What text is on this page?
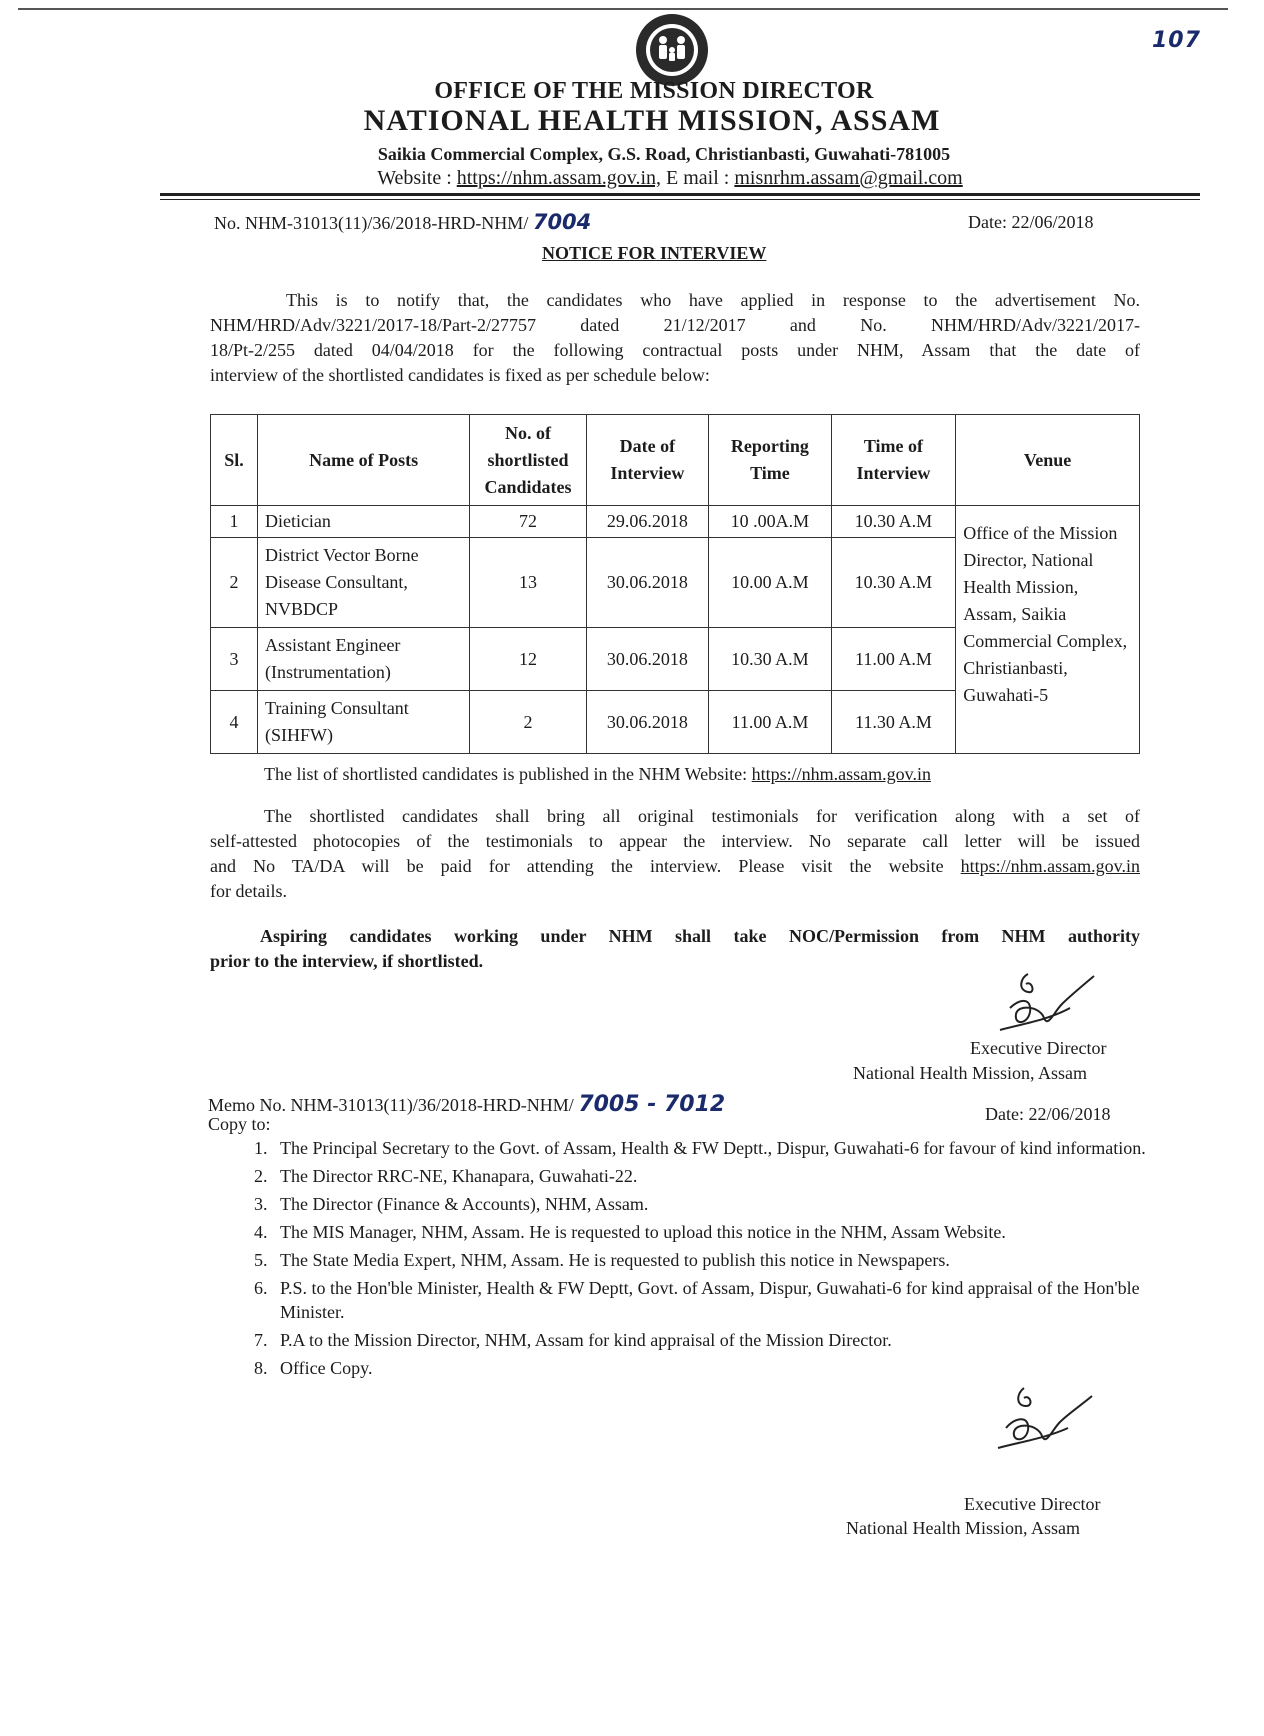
107
OFFICE OF THE MISSION DIRECTOR
NATIONAL HEALTH MISSION, ASSAM
Saikia Commercial Complex, G.S. Road, Christianbasti, Guwahati-781005
Website : https://nhm.assam.gov.in, E mail : misnrhm.assam@gmail.com
No. NHM-31013(11)/36/2018-HRD-NHM/ 7004	Date: 22/06/2018
NOTICE FOR INTERVIEW
This is to notify that, the candidates who have applied in response to the advertisement No.
NHM/HRD/Adv/3221/2017-18/Part-2/27757 dated 21/12/2017 and No. NHM/HRD/Adv/3221/2017-
18/Pt-2/255 dated 04/04/2018 for the following contractual posts under NHM, Assam that the date of
interview of the shortlisted candidates is fixed as per schedule below:
Sl.	Name of Posts	No. of shortlisted Candidates	Date of Interview	Reporting Time	Time of Interview	Venue
1	Dietician	72	29.06.2018	10 .00A.M	10.30 A.M	Office of the Mission Director, National Health Mission, Assam, Saikia Commercial Complex, Christianbasti, Guwahati-5
2	District Vector Borne Disease Consultant, NVBDCP	13	30.06.2018	10.00 A.M	10.30 A.M	
3	Assistant Engineer (Instrumentation)	12	30.06.2018	10.30 A.M	11.00 A.M	
4	Training Consultant (SIHFW)	2	30.06.2018	11.00 A.M	11.30 A.M	
The list of shortlisted candidates is published in the NHM Website: https://nhm.assam.gov.in
The shortlisted candidates shall bring all original testimonials for verification along with a set of
self-attested photocopies of the testimonials to appear the interview. No separate call letter will be issued
and No TA/DA will be paid for attending the interview. Please visit the website https://nhm.assam.gov.in
for details.
Aspiring candidates working under NHM shall take NOC/Permission from NHM authority
prior to the interview, if shortlisted.
Executive Director
National Health Mission, Assam
Memo No. NHM-31013(11)/36/2018-HRD-NHM/ 7005 - 7012	Date: 22/06/2018
Copy to:
1. The Principal Secretary to the Govt. of Assam, Health & FW Deptt., Dispur, Guwahati-6 for favour of kind information.
2. The Director RRC-NE, Khanapara, Guwahati-22.
3. The Director (Finance & Accounts), NHM, Assam.
4. The MIS Manager, NHM, Assam. He is requested to upload this notice in the NHM, Assam Website.
5. The State Media Expert, NHM, Assam. He is requested to publish this notice in Newspapers.
6. P.S. to the Hon'ble Minister, Health & FW Deptt, Govt. of Assam, Dispur, Guwahati-6 for kind appraisal of the Hon'ble Minister.
7. P.A to the Mission Director, NHM, Assam for kind appraisal of the Mission Director.
8. Office Copy.
Executive Director
National Health Mission, Assam
